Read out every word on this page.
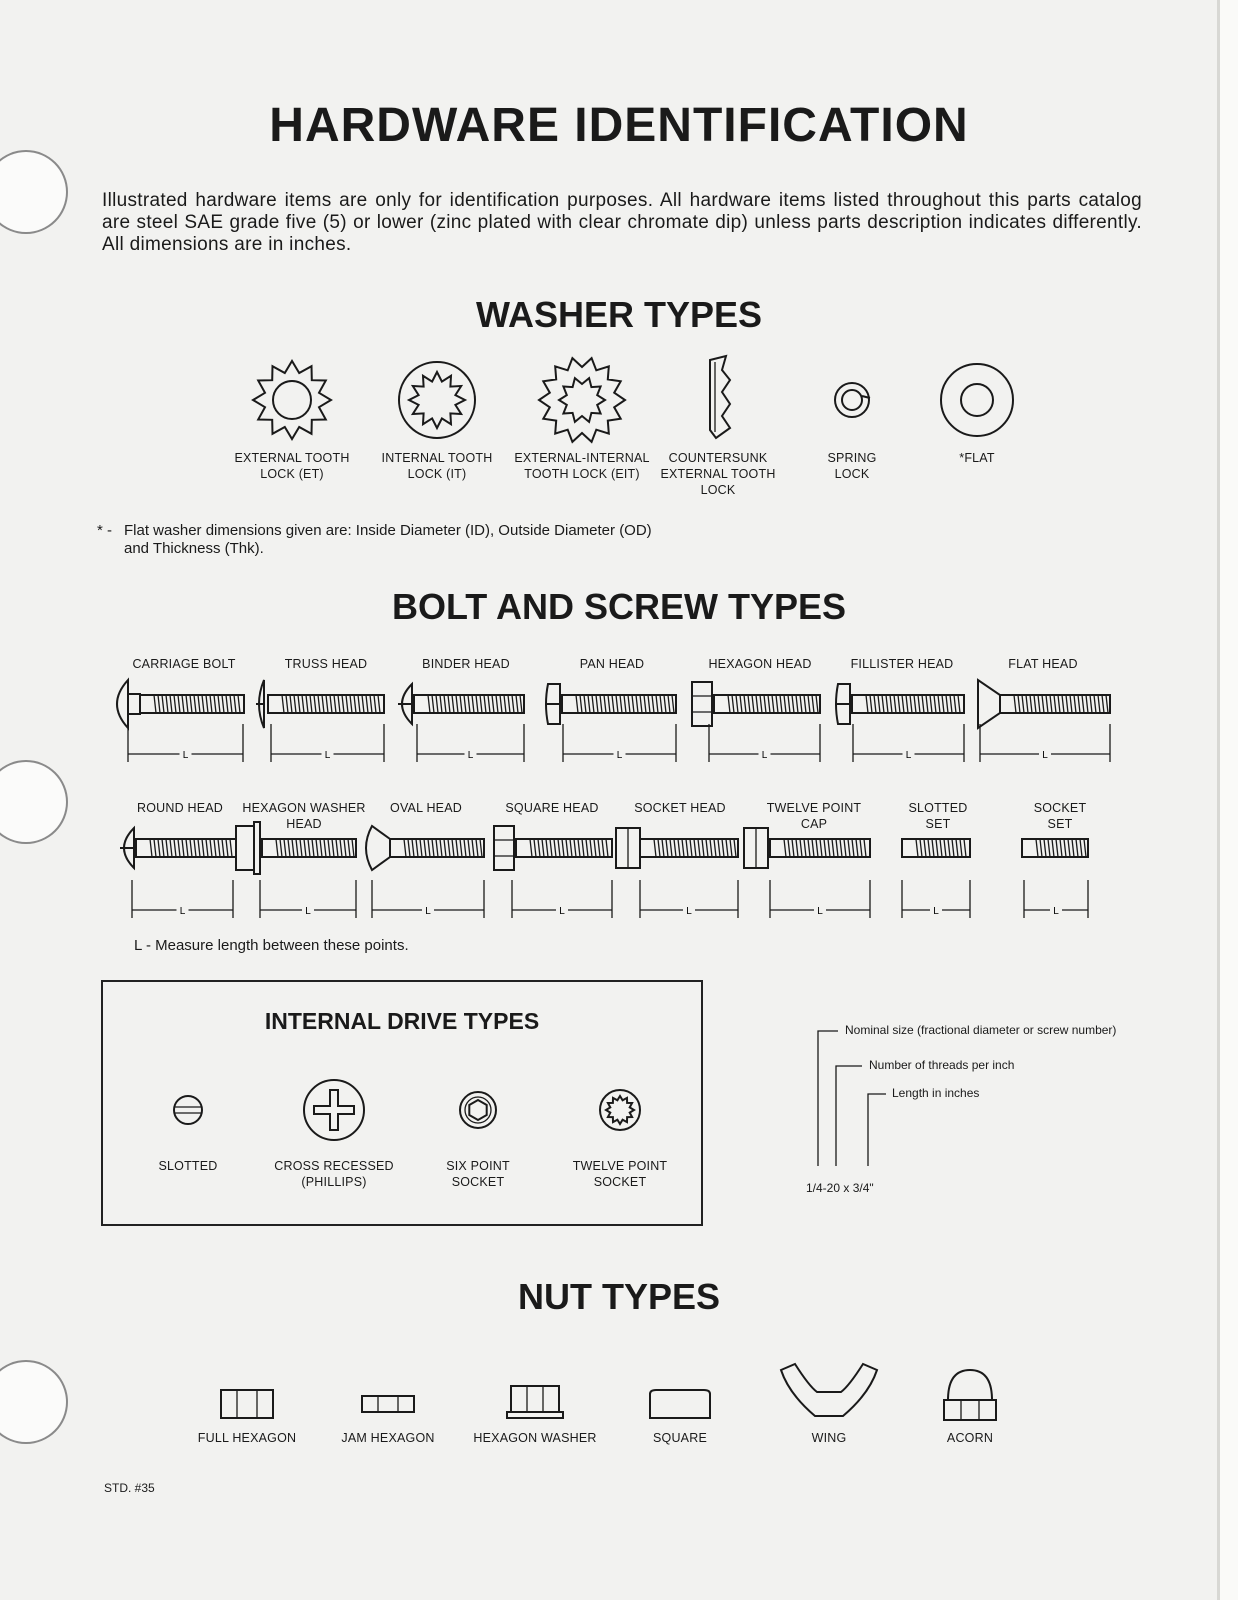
HARDWARE IDENTIFICATION

Illustrated hardware items are only for identification purposes. All hardware items listed throughout this parts catalog are steel SAE grade five (5) or lower (zinc plated with clear chromate dip) unless parts description indicates differently. All dimensions are in inches.

WASHER TYPES
EXTERNAL TOOTH
LOCK (ET)
INTERNAL TOOTH
LOCK (IT)
EXTERNAL-INTERNAL
TOOTH LOCK (EIT)
COUNTERSUNK
EXTERNAL TOOTH
LOCK
SPRING
LOCK
*FLAT
* - Flat washer dimensions given are: Inside Diameter (ID), Outside Diameter (OD)
and Thickness (Thk).
BOLT AND SCREW TYPES
L	L	L	L	L	L	L
L	L	L	L	L	L	L	L
CARRIAGE BOLT	TRUSS HEAD	BINDER HEAD	PAN HEAD	HEXAGON HEAD	FILLISTER HEAD	FLAT HEAD
ROUND HEAD HEXAGON WASHER
HEAD
OVAL HEAD	SQUARE HEAD	SOCKET HEAD	TWELVE POINT
CAP
SLOTTED
SET
SOCKET
SET
L - Measure length between these points.
INTERNAL DRIVE TYPES
SLOTTED	CROSS RECESSED
(PHILLIPS)
SIX POINT
SOCKET
TWELVE POINT
SOCKET
Nominal size (fractional diameter or screw number)
Number of threads per inch
Length in inches
1/4-20 x 3/4"
NUT TYPES
FULL HEXAGON	JAM HEXAGON	HEXAGON WASHER	SQUARE	WING	ACORN
STD. #35
